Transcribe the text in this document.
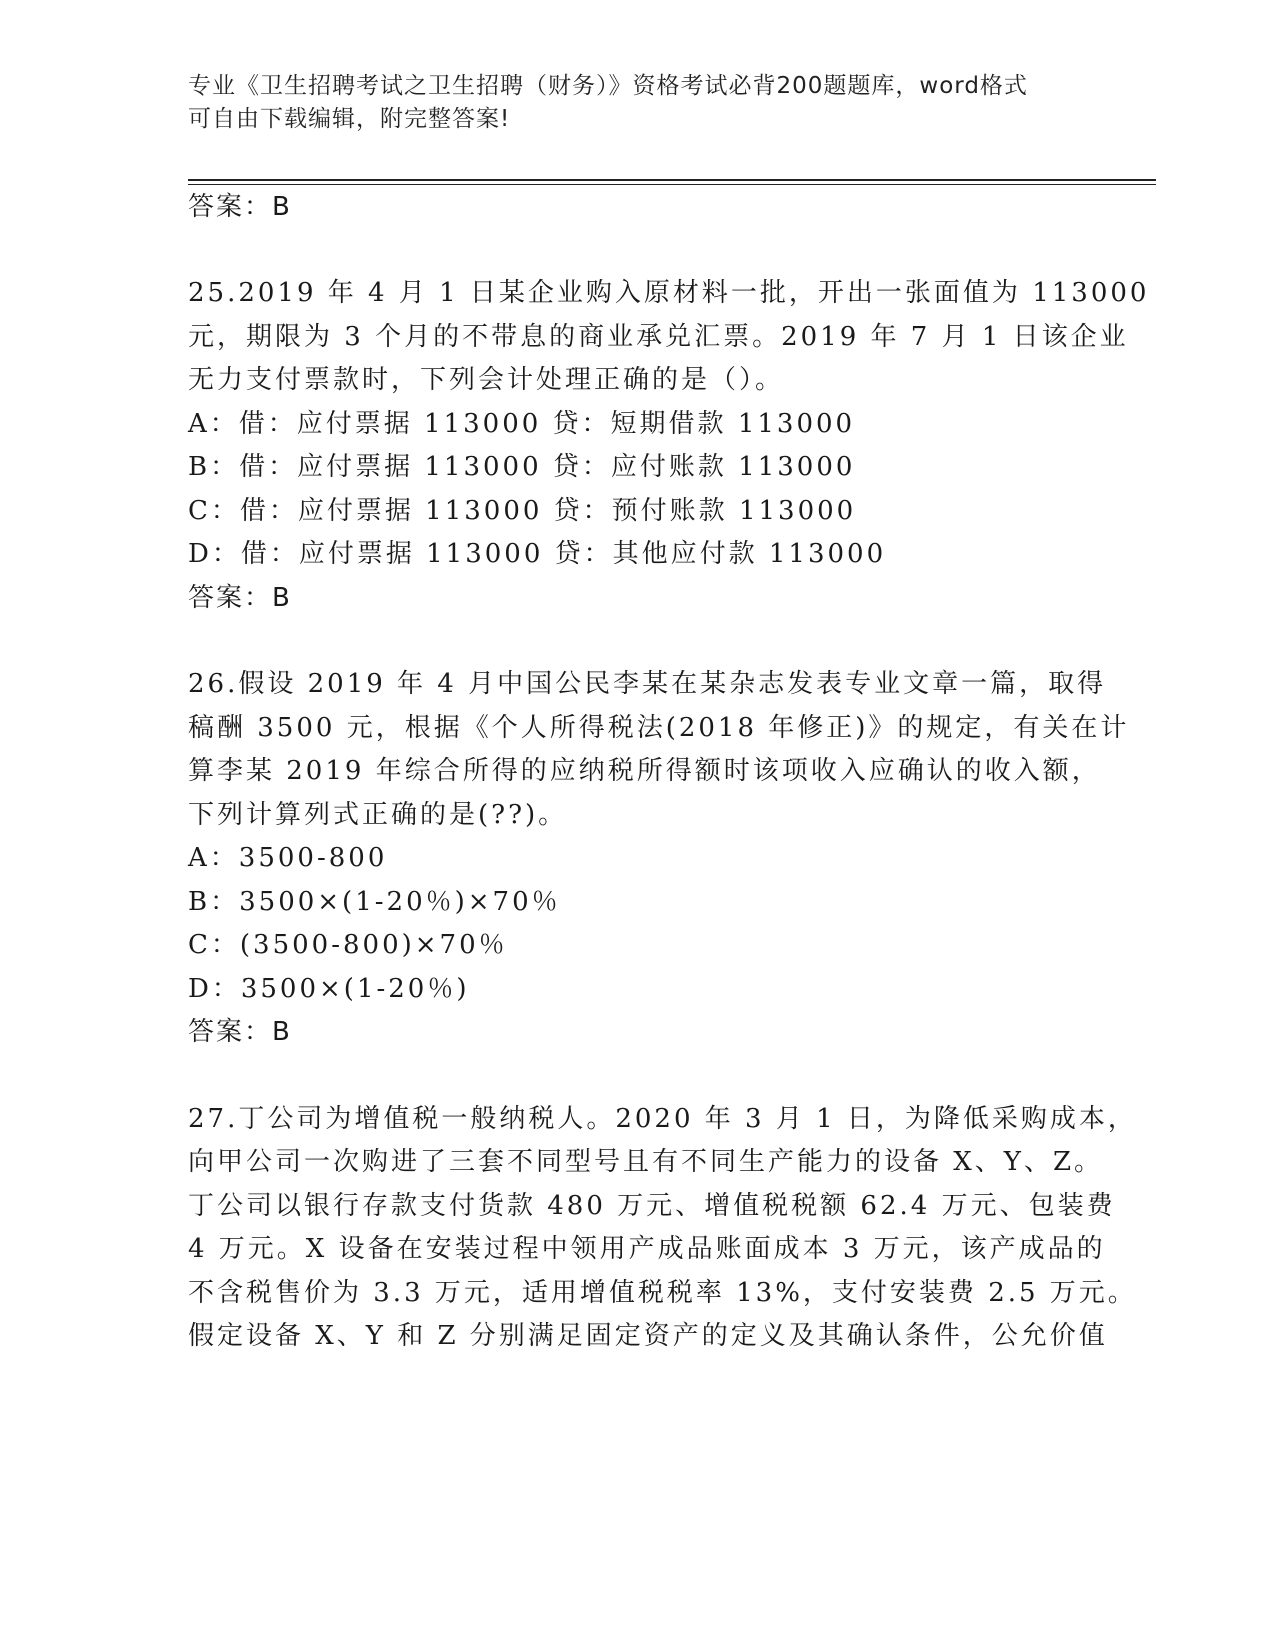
专业《卫生招聘考试之卫生招聘（财务）》资格考试必背200题题库，word格式
可自由下载编辑，附完整答案!
答案：B
25.2019 年 4 月 1 日某企业购入原材料一批，开出一张面值为 113000
元，期限为 3 个月的不带息的商业承兑汇票。2019 年 7 月 1 日该企业
无力支付票款时，下列会计处理正确的是（）。
A：借：应付票据 113000 贷：短期借款 113000
B：借：应付票据 113000 贷：应付账款 113000
C：借：应付票据 113000 贷：预付账款 113000
D：借：应付票据 113000 贷：其他应付款 113000
答案：B
26.假设 2019 年 4 月中国公民李某在某杂志发表专业文章一篇，取得
稿酬 3500 元，根据《个人所得税法(2018 年修正)》的规定，有关在计
算李某 2019 年综合所得的应纳税所得额时该项收入应确认的收入额，
下列计算列式正确的是(??)。
A：3500-800
B：3500×(1-20％)×70％
C：(3500-800)×70％
D：3500×(1-20％)
答案：B
27.丁公司为增值税一般纳税人。2020 年 3 月 1 日，为降低采购成本，
向甲公司一次购进了三套不同型号且有不同生产能力的设备 X、Y、Z。
丁公司以银行存款支付货款 480 万元、增值税税额 62.4 万元、包装费
4 万元。X 设备在安装过程中领用产成品账面成本 3 万元，该产成品的
不含税售价为 3.3 万元，适用增值税税率 13%，支付安装费 2.5 万元。
假定设备 X、Y 和 Z 分别满足固定资产的定义及其确认条件，公允价值
